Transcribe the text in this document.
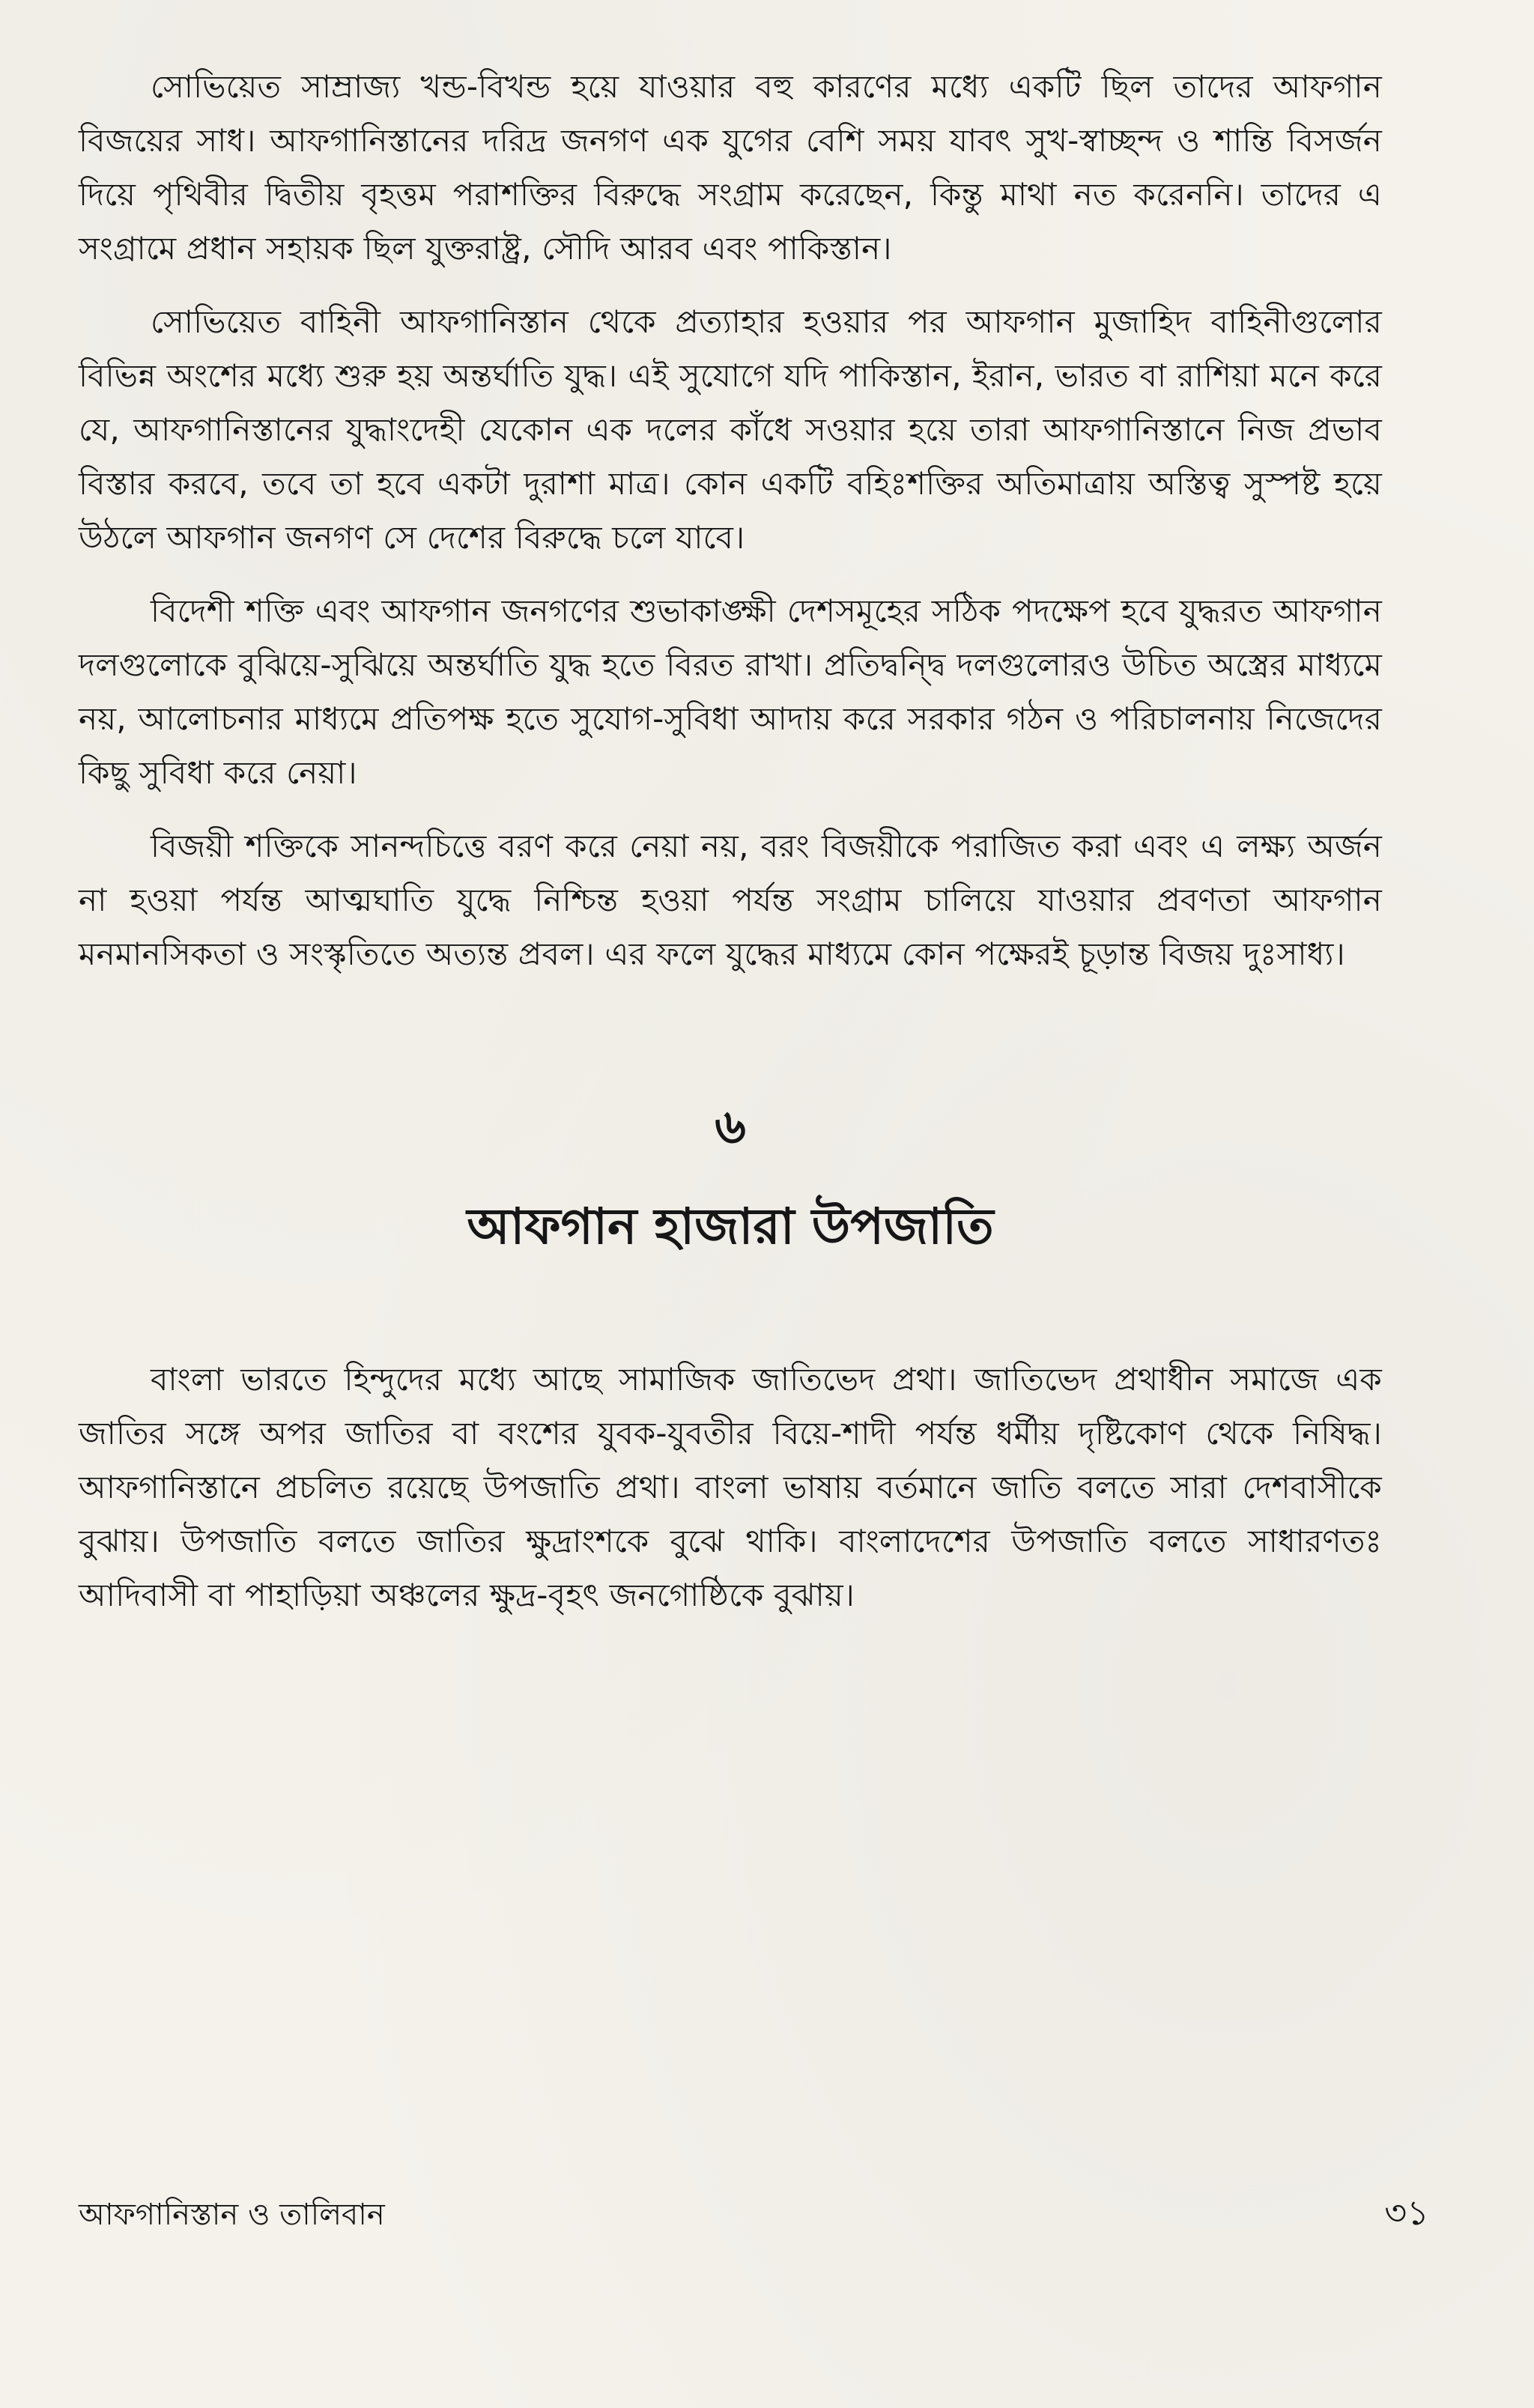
সোভিয়েত সাম্রাজ্য খন্ড-বিখন্ড হয়ে যাওয়ার বহু কারণের মধ্যে একটি ছিল তাদের আফগান বিজয়ের সাধ। আফগানিস্তানের দরিদ্র জনগণ এক যুগের বেশি সময় যাবৎ সুখ-স্বাচ্ছন্দ ও শান্তি বিসর্জন দিয়ে পৃথিবীর দ্বিতীয় বৃহত্তম পরাশক্তির বিরুদ্ধে সংগ্রাম করেছেন, কিন্তু মাথা নত করেননি। তাদের এ সংগ্রামে প্রধান সহায়ক ছিল যুক্তরাষ্ট্র, সৌদি আরব এবং পাকিস্তান।

সোভিয়েত বাহিনী আফগানিস্তান থেকে প্রত্যাহার হওয়ার পর আফগান মুজাহিদ বাহিনীগুলোর বিভিন্ন অংশের মধ্যে শুরু হয় অন্তর্ঘাতি যুদ্ধ। এই সুযোগে যদি পাকিস্তান, ইরান, ভারত বা রাশিয়া মনে করে যে, আফগানিস্তানের যুদ্ধাংদেহী যেকোন এক দলের কাঁধে সওয়ার হয়ে তারা আফগানিস্তানে নিজ প্রভাব বিস্তার করবে, তবে তা হবে একটা দুরাশা মাত্র। কোন একটি বহিঃশক্তির অতিমাত্রায় অস্তিত্ব সুস্পষ্ট হয়ে উঠলে আফগান জনগণ সে দেশের বিরুদ্ধে চলে যাবে।

বিদেশী শক্তি এবং আফগান জনগণের শুভাকাঙ্ক্ষী দেশসমূহের সঠিক পদক্ষেপ হবে যুদ্ধরত আফগান দলগুলোকে বুঝিয়ে-সুঝিয়ে অন্তর্ঘাতি যুদ্ধ হতে বিরত রাখা। প্রতিদ্বন্দ্বি দলগুলোরও উচিত অস্ত্রের মাধ্যমে নয়, আলোচনার মাধ্যমে প্রতিপক্ষ হতে সুযোগ-সুবিধা আদায় করে সরকার গঠন ও পরিচালনায় নিজেদের কিছু সুবিধা করে নেয়া।

বিজয়ী শক্তিকে সানন্দচিত্তে বরণ করে নেয়া নয়, বরং বিজয়ীকে পরাজিত করা এবং এ লক্ষ্য অর্জন না হওয়া পর্যন্ত আত্মঘাতি যুদ্ধে নিশ্চিন্ত হওয়া পর্যন্ত সংগ্রাম চালিয়ে যাওয়ার প্রবণতা আফগান মনমানসিকতা ও সংস্কৃতিতে অত্যন্ত প্রবল। এর ফলে যুদ্ধের মাধ্যমে কোন পক্ষেরই চূড়ান্ত বিজয় দুঃসাধ্য।

৬
আফগান হাজারা উপজাতি

বাংলা ভারতে হিন্দুদের মধ্যে আছে সামাজিক জাতিভেদ প্রথা। জাতিভেদ প্রথাধীন সমাজে এক জাতির সঙ্গে অপর জাতির বা বংশের যুবক-যুবতীর বিয়ে-শাদী পর্যন্ত ধর্মীয় দৃষ্টিকোণ থেকে নিষিদ্ধ। আফগানিস্তানে প্রচলিত রয়েছে উপজাতি প্রথা। বাংলা ভাষায় বর্তমানে জাতি বলতে সারা দেশবাসীকে বুঝায়। উপজাতি বলতে জাতির ক্ষুদ্রাংশকে বুঝে থাকি। বাংলাদেশের উপজাতি বলতে সাধারণতঃ আদিবাসী বা পাহাড়িয়া অঞ্চলের ক্ষুদ্র-বৃহৎ জনগোষ্ঠিকে বুঝায়।

আফগানিস্তান ও তালিবান	৩১
